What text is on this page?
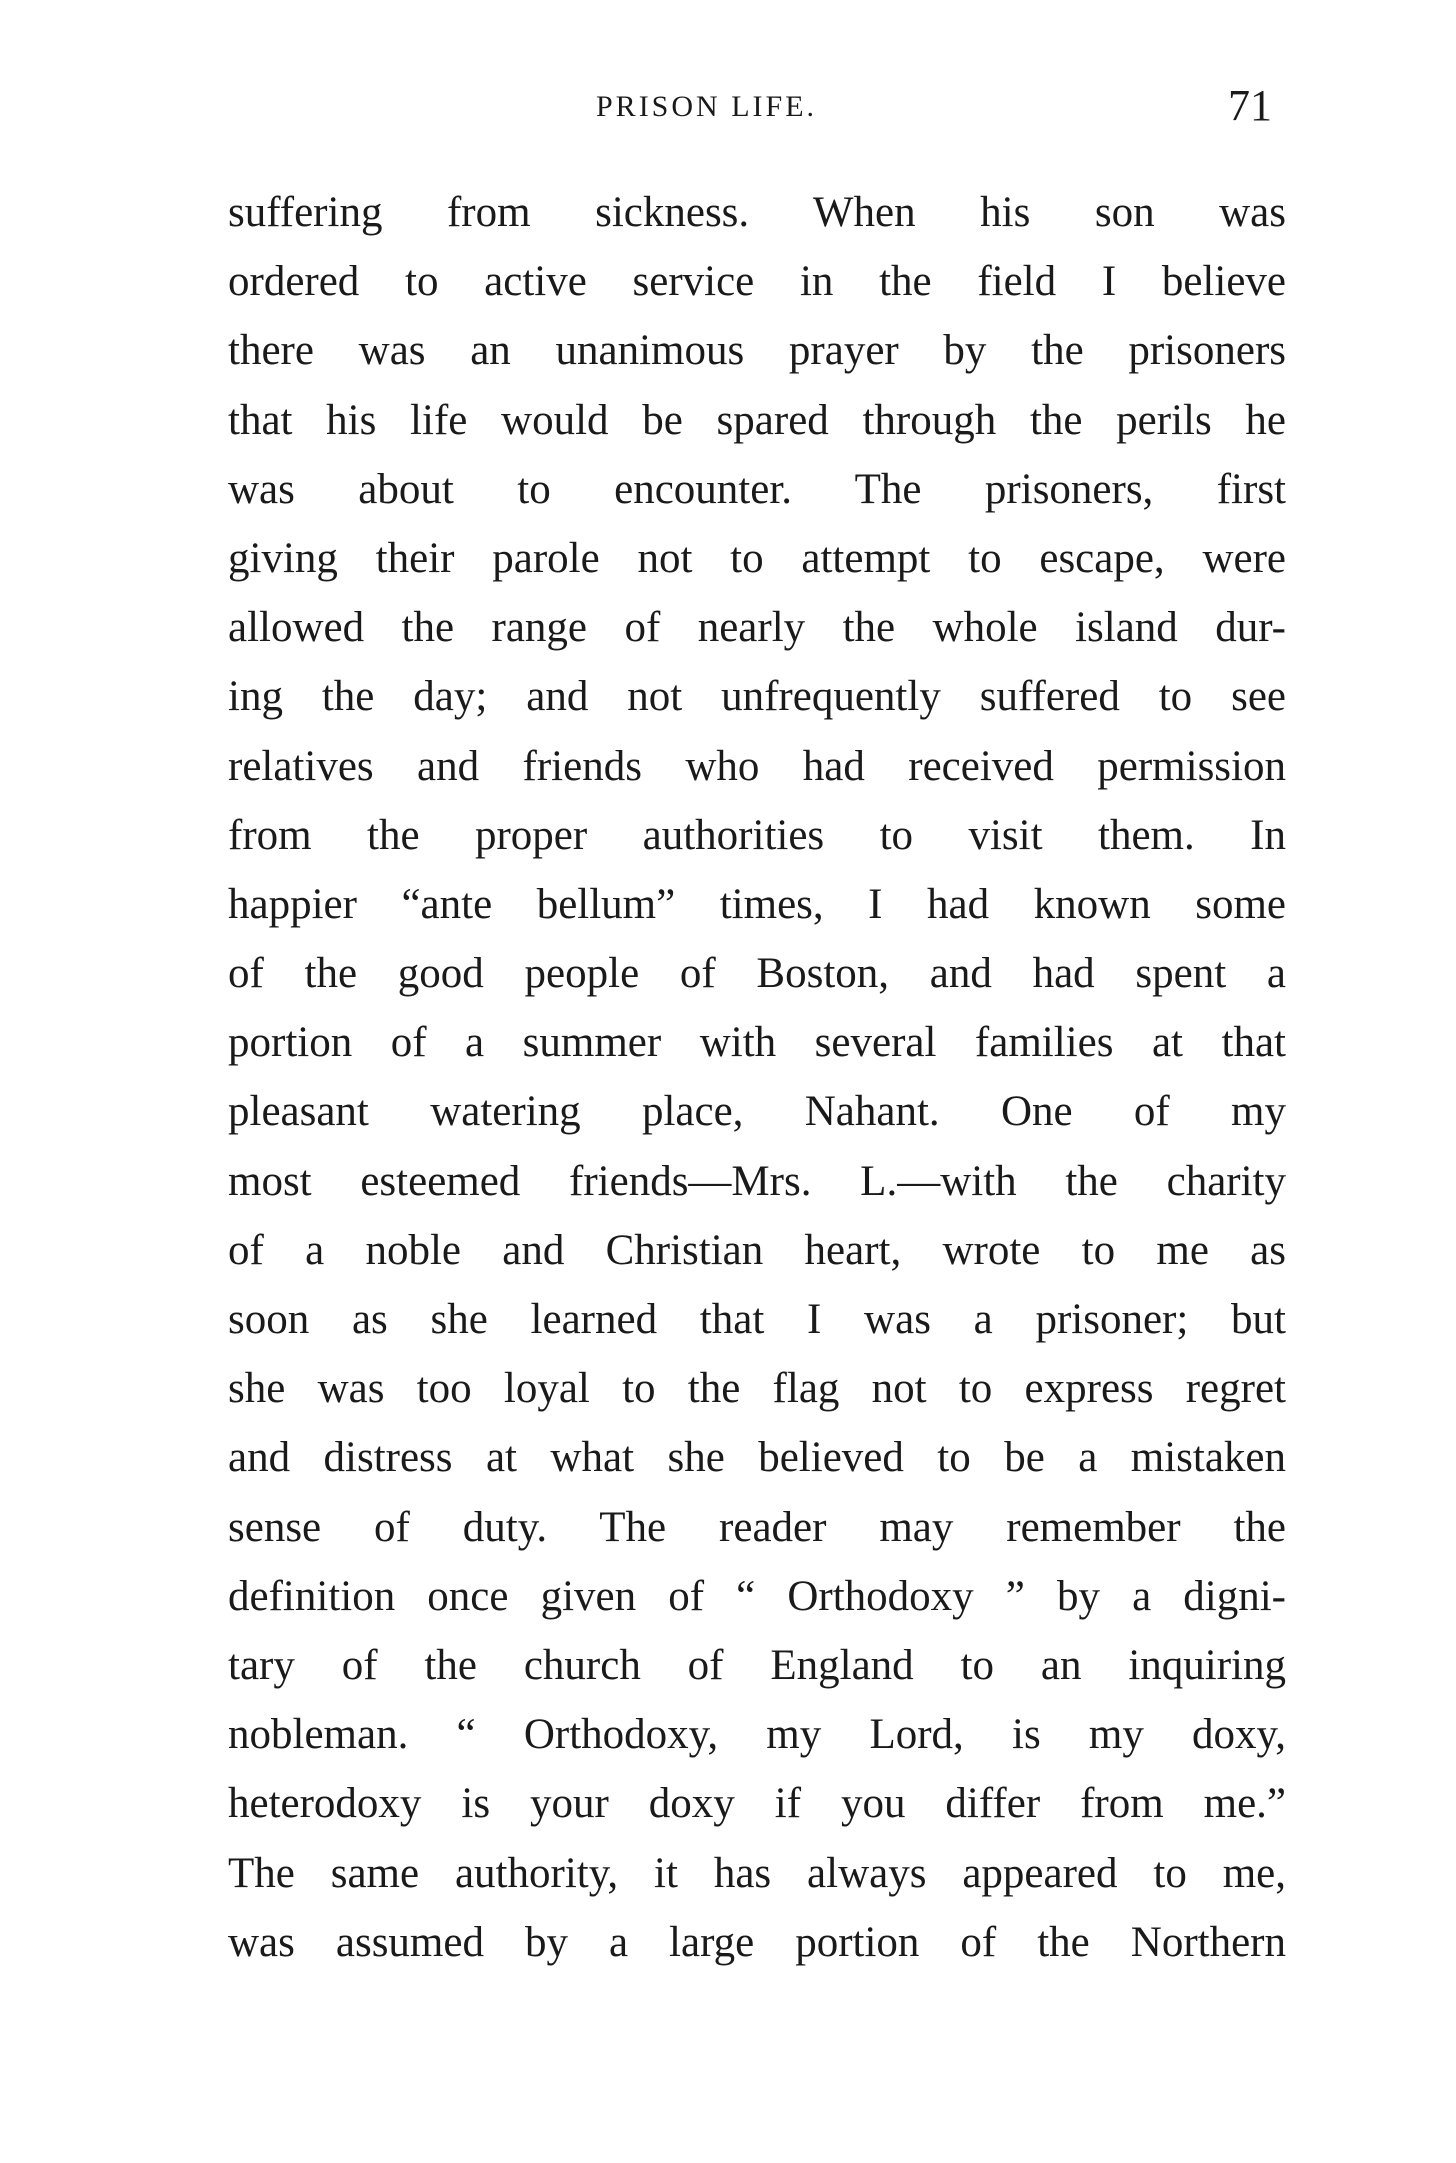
PRISON LIFE.	71
suffering from sickness. When his son was
ordered to active service in the field I believe
there was an unanimous prayer by the prisoners
that his life would be spared through the perils he
was about to encounter. The prisoners, first
giving their parole not to attempt to escape, were
allowed the range of nearly the whole island dur-
ing the day; and not unfrequently suffered to see
relatives and friends who had received permission
from the proper authorities to visit them. In
happier “ante bellum” times, I had known some
of the good people of Boston, and had spent a
portion of a summer with several families at that
pleasant watering place, Nahant. One of my
most esteemed friends—Mrs. L.—with the charity
of a noble and Christian heart, wrote to me as
soon as she learned that I was a prisoner; but
she was too loyal to the flag not to express regret
and distress at what she believed to be a mistaken
sense of duty. The reader may remember the
definition once given of “ Orthodoxy ” by a digni-
tary of the church of England to an inquiring
nobleman. “ Orthodoxy, my Lord, is my doxy,
heterodoxy is your doxy if you differ from me.”
The same authority, it has always appeared to me,
was assumed by a large portion of the Northern
